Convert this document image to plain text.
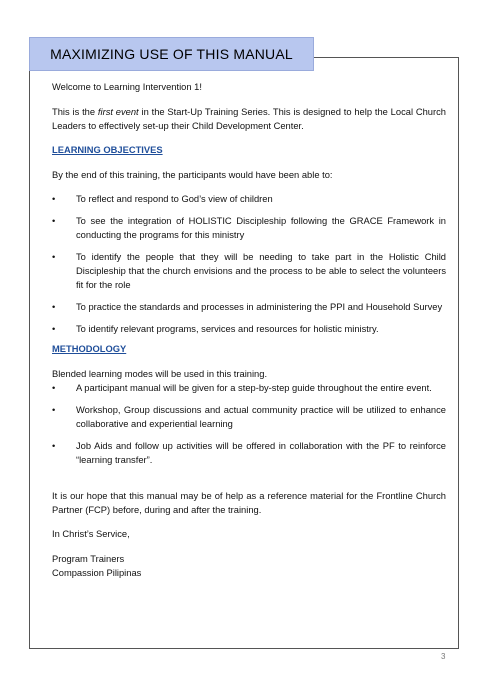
MAXIMIZING USE OF THIS MANUAL

Welcome to Learning Intervention 1!

This is the first event in the Start-Up Training Series. This is designed to help the Local Church Leaders to effectively set-up their Child Development Center.

LEARNING OBJECTIVES

By the end of this training, the participants would have been able to:

•	To reflect and respond to God’s view of children
•	To see the integration of HOLISTIC Discipleship following the GRACE Framework in conducting the programs for this ministry
•	To identify the people that they will be needing to take part in the Holistic Child Discipleship that the church envisions and the process to be able to select the volunteers fit for the role
•	To practice the standards and processes in administering the PPI and Household Survey
•	To identify relevant programs, services and resources for holistic ministry.

METHODOLOGY

Blended learning modes will be used in this training.

•	A participant manual will be given for a step-by-step guide throughout the entire event.
•	Workshop, Group discussions and actual community practice will be utilized to enhance collaborative and experiential learning
•	Job Aids and follow up activities will be offered in collaboration with the PF to reinforce “learning transfer”.

It is our hope that this manual may be of help as a reference material for the Frontline Church Partner (FCP) before, during and after the training.

In Christ’s Service,

Program Trainers

Compassion Pilipinas

3
